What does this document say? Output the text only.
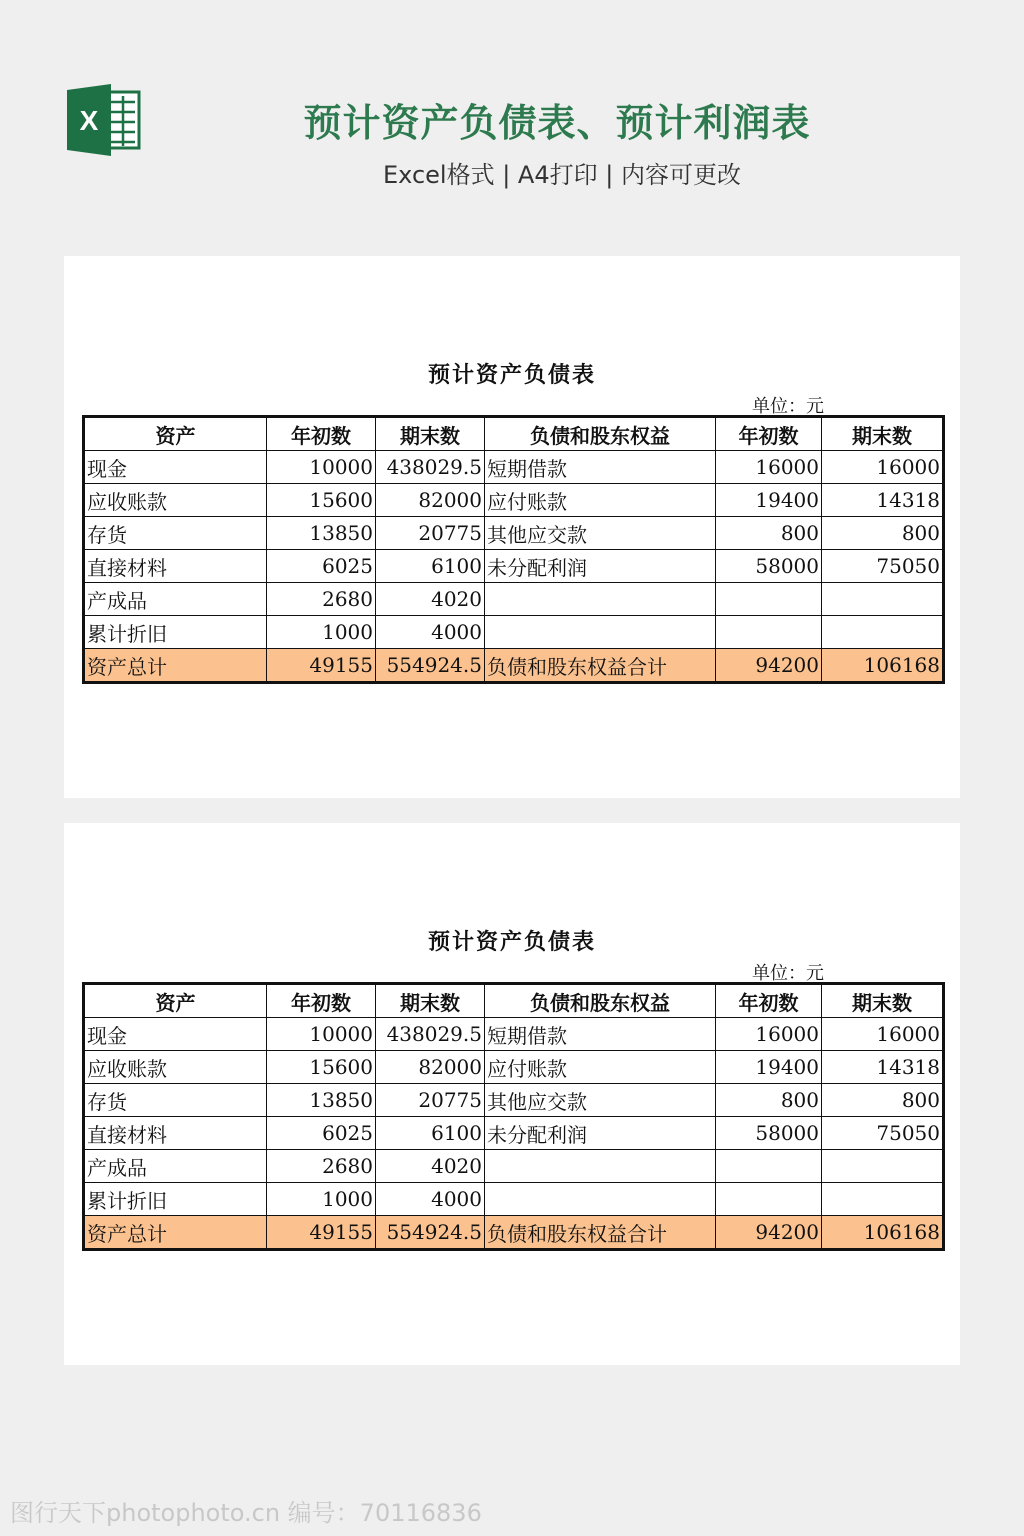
X	预计资产负债表、预计利润表
Excel格式 | A4打印 | 内容可更改
预计资产负债表
单位：元
资产	年初数	期末数	负债和股东权益	年初数	期末数
现金	10000	438029.5	短期借款	16000	16000
应收账款	15600	82000	应付账款	19400	14318
存货	13850	20775	其他应交款	800	800
直接材料	6025	6100	未分配利润	58000	75050
产成品	2680	4020			
累计折旧	1000	4000			
资产总计	49155	554924.5	负债和股东权益合计	94200	106168
预计资产负债表
单位：元
资产	年初数	期末数	负债和股东权益	年初数	期末数
现金	10000	438029.5	短期借款	16000	16000
应收账款	15600	82000	应付账款	19400	14318
存货	13850	20775	其他应交款	800	800
直接材料	6025	6100	未分配利润	58000	75050
产成品	2680	4020			
累计折旧	1000	4000			
资产总计	49155	554924.5	负债和股东权益合计	94200	106168
图行天下photophoto.cn 编号：70116836
